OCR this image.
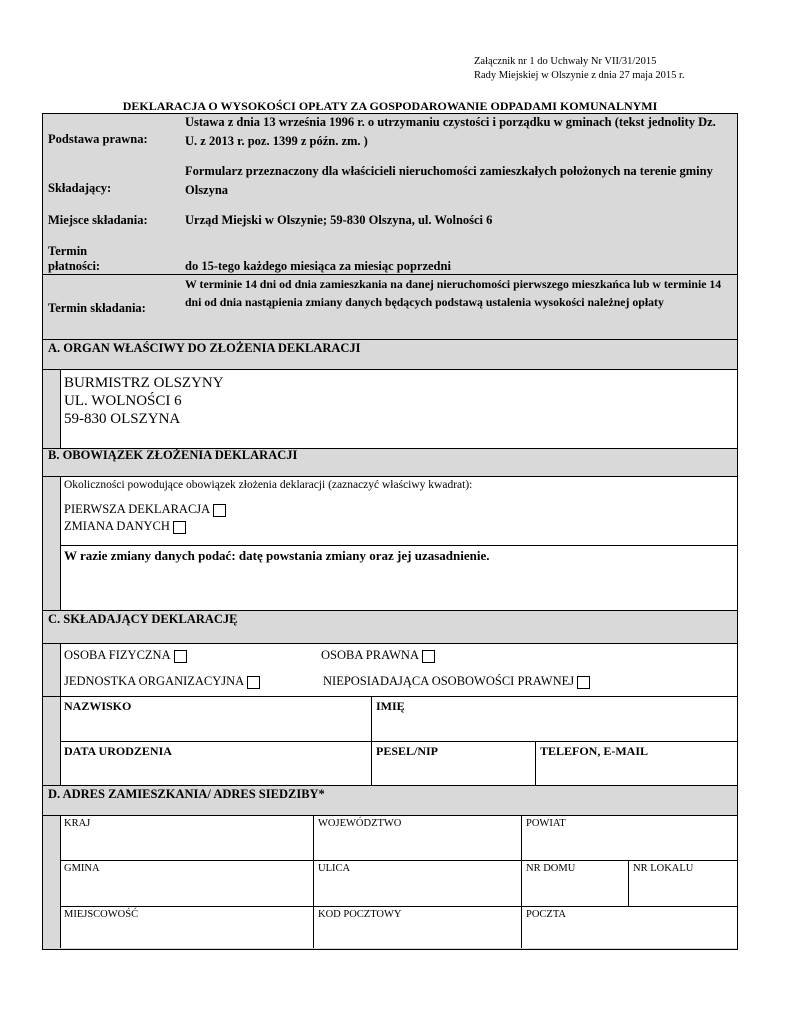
Załącznik nr 1 do Uchwały Nr VII/31/2015
Rady Miejskiej w Olszynie z dnia 27 maja 2015 r.
DEKLARACJA O WYSOKOŚCI OPŁATY ZA GOSPODAROWANIE ODPADAMI KOMUNALNYMI
Podstawa prawna:
Ustawa z dnia 13 września 1996 r. o utrzymaniu czystości i porządku w gminach (tekst jednolity Dz. U. z 2013 r. poz. 1399 z późn. zm. )
Składający:
Formularz przeznaczony dla właścicieli nieruchomości zamieszkałych położonych na terenie gminy Olszyna
Miejsce składania:	Urząd Miejski w Olszynie; 59-830 Olszyna, ul. Wolności 6
Termin
płatności:	do 15-tego każdego miesiąca za miesiąc poprzedni
Termin składania:
W terminie 14 dni od dnia zamieszkania na danej nieruchomości pierwszego mieszkańca lub w terminie 14 dni od dnia nastąpienia zmiany danych będących podstawą ustalenia wysokości należnej opłaty
A. ORGAN WŁAŚCIWY DO ZŁOŻENIA DEKLARACJI
BURMISTRZ OLSZYNY
UL. WOLNOŚCI 6
59-830 OLSZYNA
B. OBOWIĄZEK ZŁOŻENIA DEKLARACJI
Okoliczności powodujące obowiązek złożenia deklaracji (zaznaczyć właściwy kwadrat):
PIERWSZA DEKLARACJA
ZMIANA DANYCH
W razie zmiany danych podać: datę powstania zmiany oraz jej uzasadnienie.
C. SKŁADAJĄCY DEKLARACJĘ
OSOBA FIZYCZNA	OSOBA PRAWNA
JEDNOSTKA ORGANIZACYJNA	NIEPOSIADAJĄCA OSOBOWOŚCI PRAWNEJ
NAZWISKO	IMIĘ
DATA URODZENIA	PESEL/NIP	TELEFON, E-MAIL
D. ADRES ZAMIESZKANIA/ ADRES SIEDZIBY*
KRAJ	WOJEWÓDZTWO	POWIAT
GMINA	ULICA	NR DOMU	NR LOKALU
MIEJSCOWOŚĆ	KOD POCZTOWY	POCZTA
